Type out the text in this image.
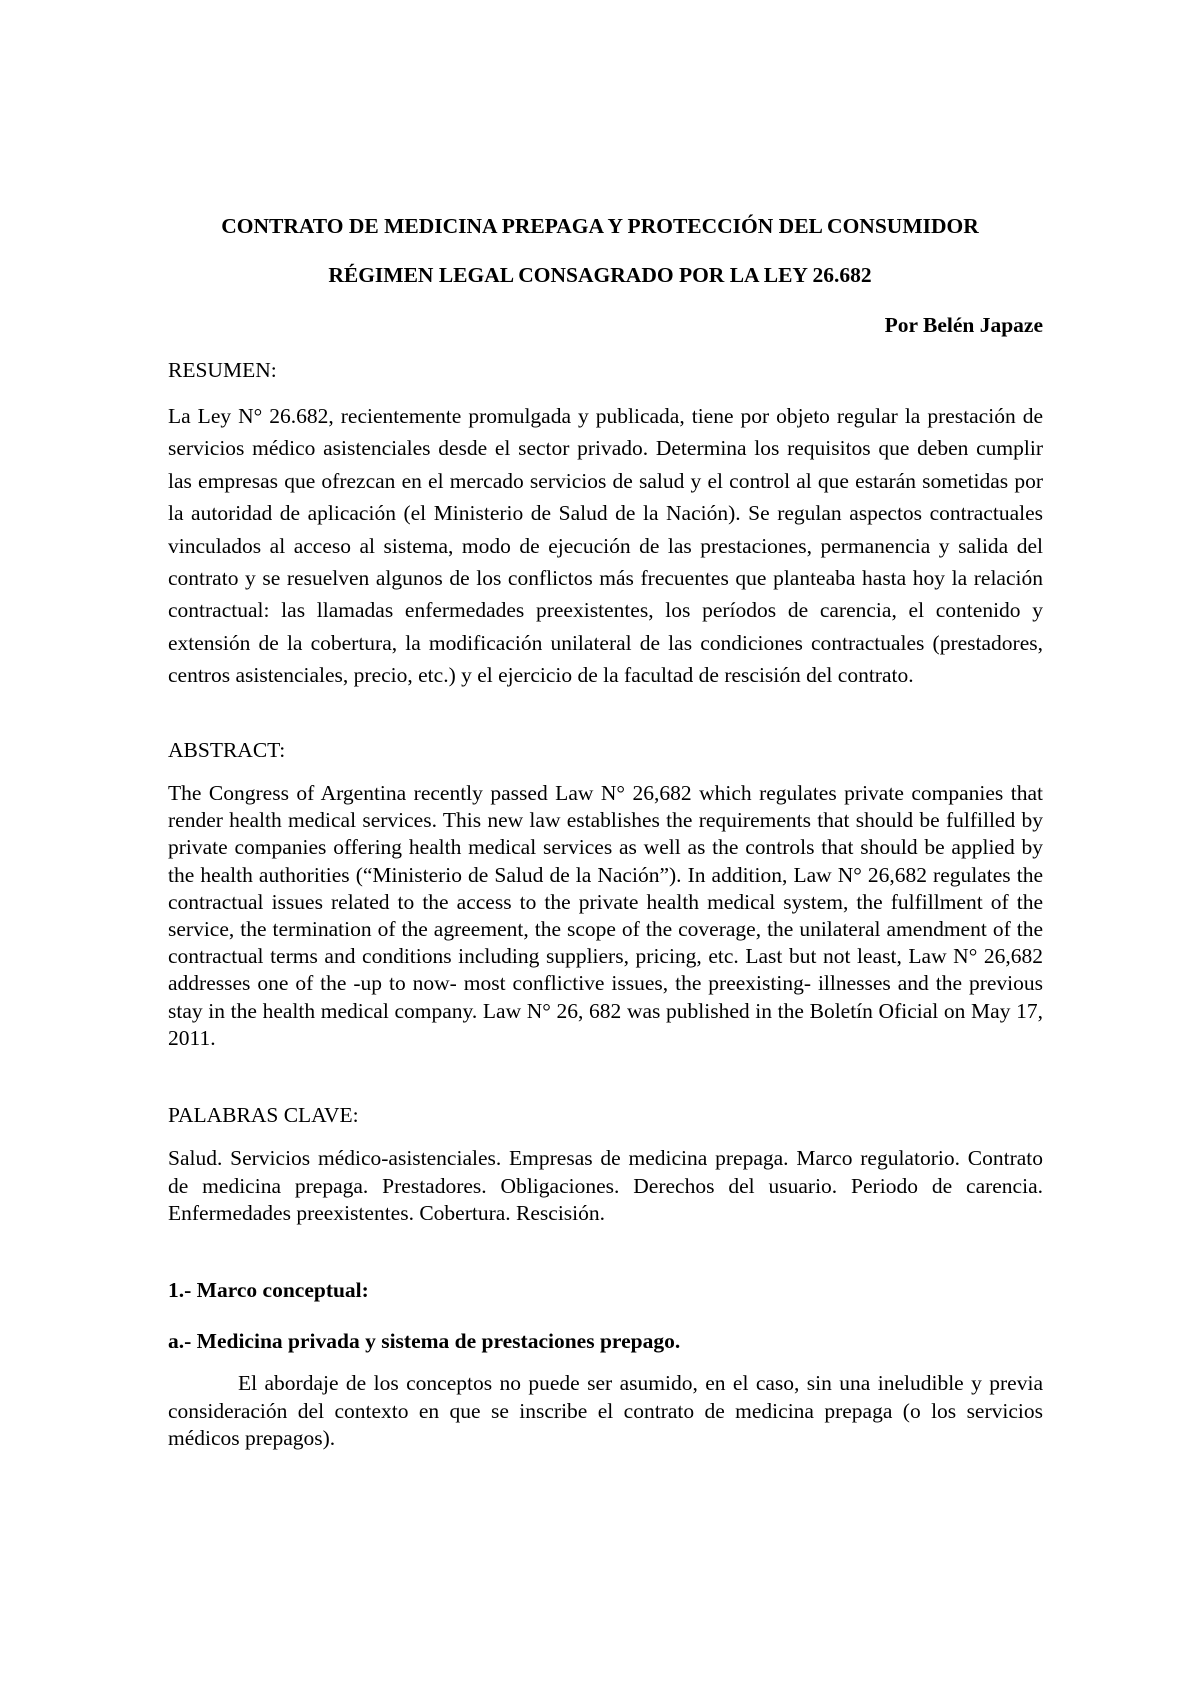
CONTRATO DE MEDICINA PREPAGA Y PROTECCIÓN DEL CONSUMIDOR
RÉGIMEN LEGAL CONSAGRADO POR LA LEY 26.682
Por Belén Japaze
RESUMEN:

La Ley N° 26.682, recientemente promulgada y publicada, tiene por objeto regular la prestación de servicios médico asistenciales desde el sector privado. Determina los requisitos que deben cumplir las empresas que ofrezcan en el mercado servicios de salud y el control al que estarán sometidas por la autoridad de aplicación (el Ministerio de Salud de la Nación). Se regulan aspectos contractuales vinculados al acceso al sistema, modo de ejecución de las prestaciones, permanencia y salida del contrato y se resuelven algunos de los conflictos más frecuentes que planteaba hasta hoy la relación contractual: las llamadas enfermedades preexistentes, los períodos de carencia, el contenido y extensión de la cobertura, la modificación unilateral de las condiciones contractuales (prestadores, centros asistenciales, precio, etc.) y el ejercicio de la facultad de rescisión del contrato.

ABSTRACT:

The Congress of Argentina recently passed Law N° 26,682 which regulates private companies that render health medical services. This new law establishes the requirements that should be fulfilled by private companies offering health medical services as well as the controls that should be applied by the health authorities (“Ministerio de Salud de la Nación”). In addition, Law N° 26,682 regulates the contractual issues related to the access to the private health medical system, the fulfillment of the service, the termination of the agreement, the scope of the coverage, the unilateral amendment of the contractual terms and conditions including suppliers, pricing, etc. Last but not least, Law N° 26,682 addresses one of the -up to now- most conflictive issues, the preexisting- illnesses and the previous stay in the health medical company. Law N° 26, 682 was published in the Boletín Oficial on May 17, 2011.

PALABRAS CLAVE:

Salud. Servicios médico-asistenciales. Empresas de medicina prepaga. Marco regulatorio. Contrato de medicina prepaga. Prestadores. Obligaciones. Derechos del usuario. Periodo de carencia. Enfermedades preexistentes. Cobertura. Rescisión.

1.- Marco conceptual:
a.- Medicina privada y sistema de prestaciones prepago.

El abordaje de los conceptos no puede ser asumido, en el caso, sin una ineludible y previa consideración del contexto en que se inscribe el contrato de medicina prepaga (o los servicios médicos prepagos).
